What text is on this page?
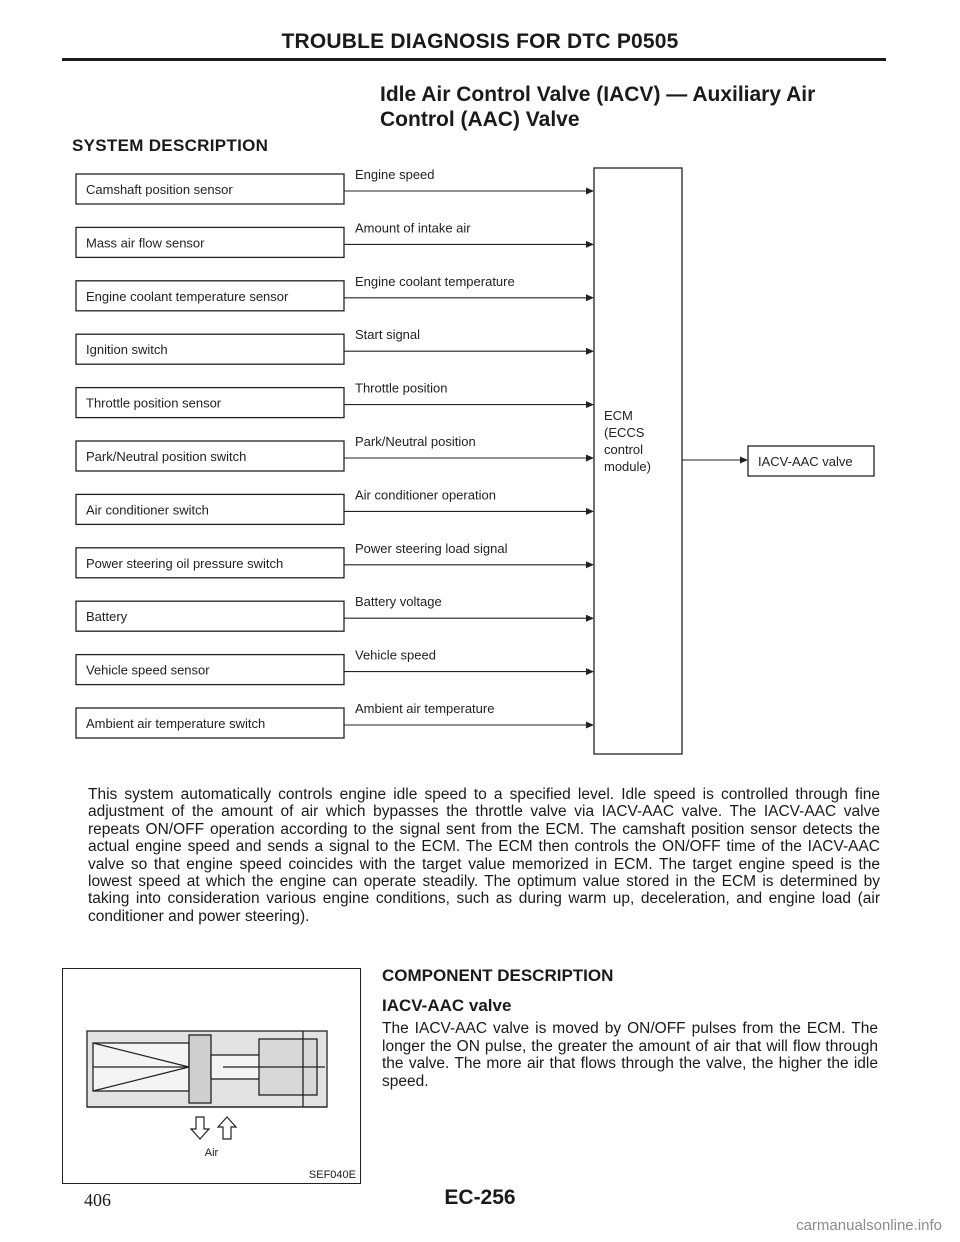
TROUBLE DIAGNOSIS FOR DTC P0505
Idle Air Control Valve (IACV) — Auxiliary Air
Control (AAC) Valve
SYSTEM DESCRIPTION
Camshaft position sensor
Engine speed
Mass air flow sensor
Amount of intake air
Engine coolant temperature sensor
Engine coolant temperature
Ignition switch
Start signal
Throttle position sensor
Throttle position
Park/Neutral position switch
Park/Neutral position
Air conditioner switch
Air conditioner operation
Power steering oil pressure switch
Power steering load signal
Battery
Battery voltage
Vehicle speed sensor
Vehicle speed
Ambient air temperature switch
Ambient air temperature
ECM (ECCS control module)	IACV-AAC valve
This system automatically controls engine idle speed to a specified level. Idle speed is controlled through fine adjustment of the amount of air which bypasses the throttle valve via IACV-AAC valve. The IACV-AAC valve repeats ON/OFF operation according to the signal sent from the ECM. The camshaft position sensor detects the actual engine speed and sends a signal to the ECM. The ECM then controls the ON/OFF time of the IACV-AAC valve so that engine speed coincides with the target value memorized in ECM. The target engine speed is the lowest speed at which the engine can operate steadily. The optimum value stored in the ECM is determined by taking into consideration various engine conditions, such as during warm up, deceleration, and engine load (air conditioner and power steering).
Air
SEF040E
COMPONENT DESCRIPTION
IACV-AAC valve
The IACV-AAC valve is moved by ON/OFF pulses from the ECM. The longer the ON pulse, the greater the amount of air that will flow through the valve. The more air that flows through the valve, the higher the idle speed.
406	EC-256
carmanualsonline.info
